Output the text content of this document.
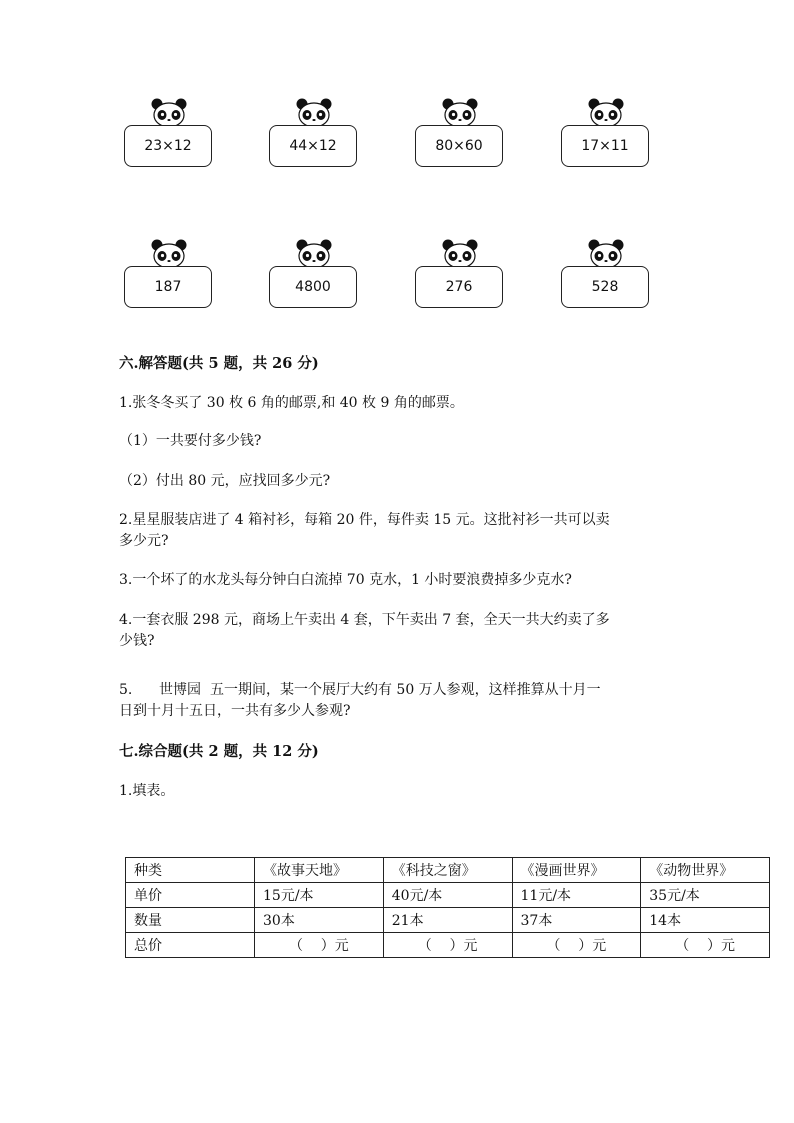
23×12	44×12	80×60	17×11
187	4800	276	528
六.解答题(共 5 题，共 26 分)
1.张冬冬买了 30 枚 6 角的邮票,和 40 枚 9 角的邮票。
（1）一共要付多少钱?
（2）付出 80 元，应找回多少元?
2.星星服装店进了 4 箱衬衫，每箱 20 件，每件卖 15 元。这批衬衫一共可以卖
多少元?
3.一个坏了的水龙头每分钟白白流掉 70 克水，1 小时要浪费掉多少克水?
4.一套衣服 298 元，商场上午卖出 4 套，下午卖出 7 套，全天一共大约卖了多
少钱?
5.      世博园  五一期间，某一个展厅大约有 50 万人参观，这样推算从十月一
日到十月十五日，一共有多少人参观?
七.综合题(共 2 题，共 12 分)
1.填表。
种类	《故事天地》	《科技之窗》	《漫画世界》	《动物世界》
单价	15元/本	40元/本	11元/本	35元/本
数量	30本	21本	37本	14本
总价	（    ）元	（    ）元	（    ）元	（    ）元
